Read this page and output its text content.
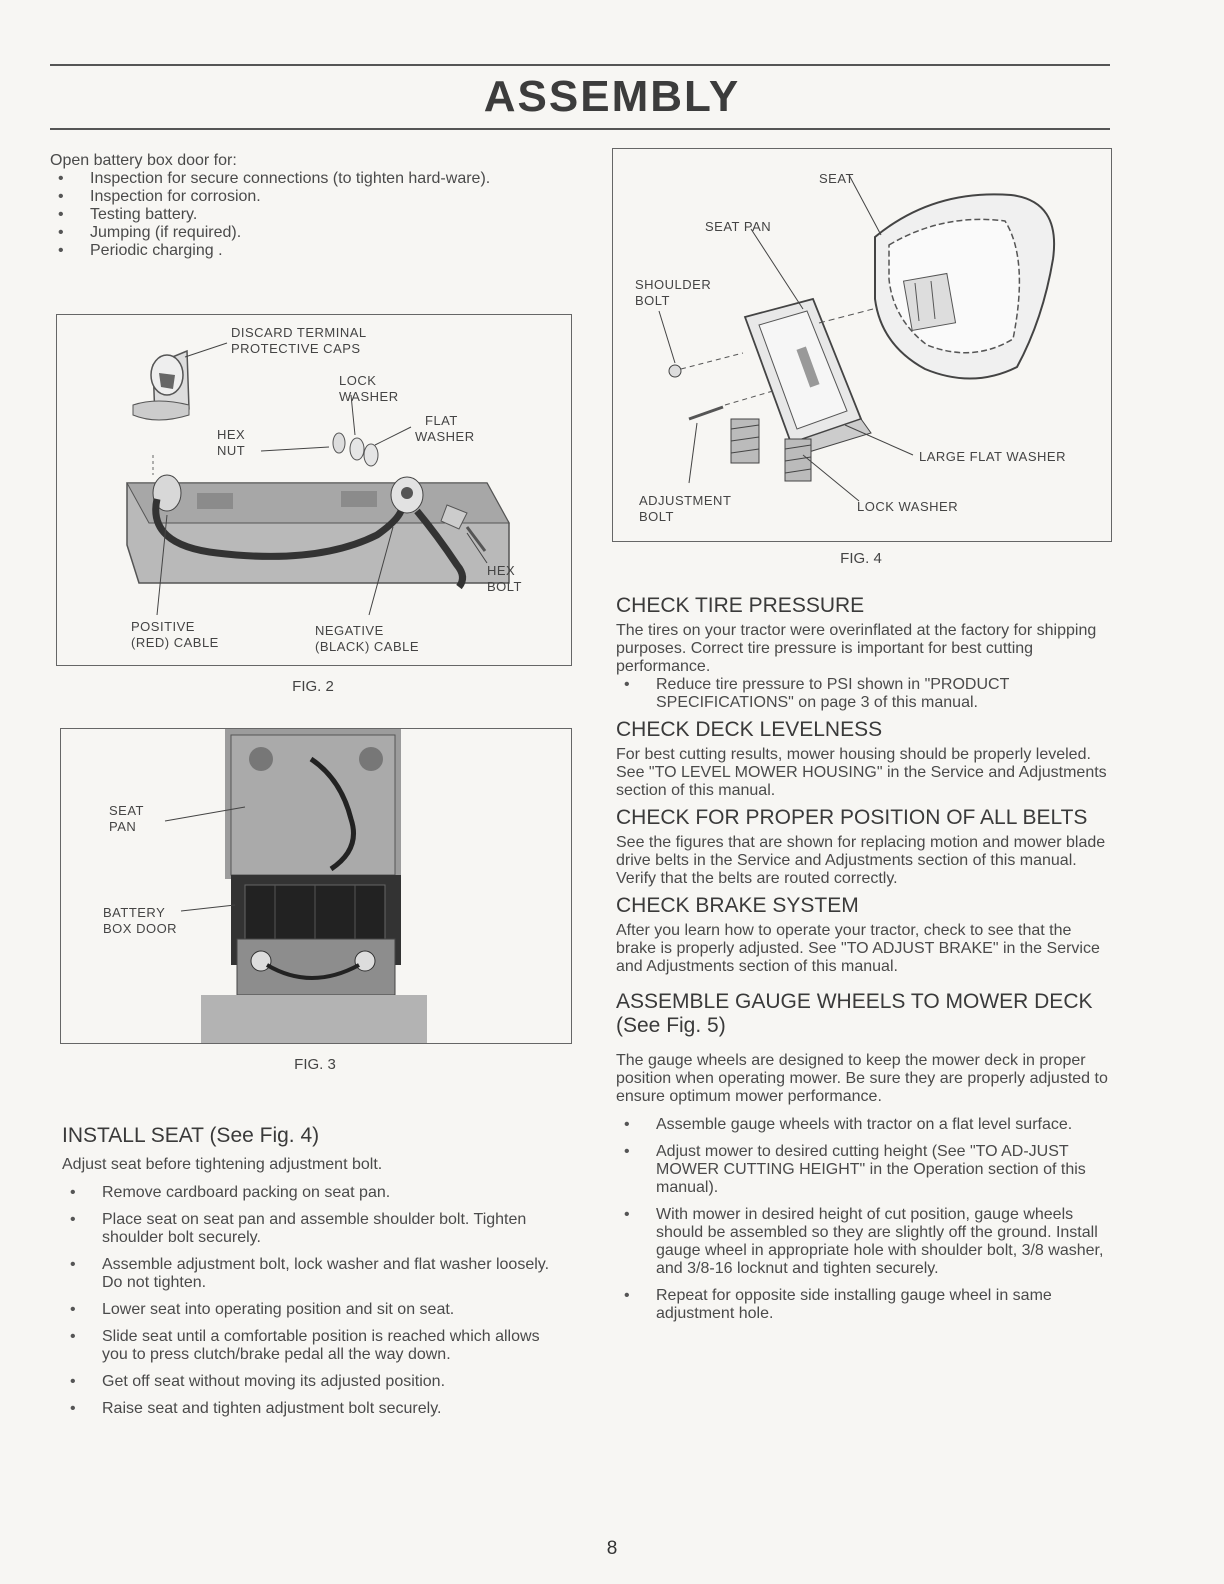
ASSEMBLY
Open battery box door for:
• Inspection for secure connections (to tighten hard-ware).
• Inspection for corrosion.
• Testing battery.
• Jumping (if required).
• Periodic charging .
DISCARD TERMINAL
PROTECTIVE CAPS
LOCK
WASHER
FLAT
WASHER
HEX
NUT
HEX
BOLT
POSITIVE
(RED) CABLE
NEGATIVE
(BLACK) CABLE
FIG. 2
SEAT
PAN
BATTERY
BOX DOOR
FIG. 3
INSTALL SEAT (See Fig. 4)
Adjust seat before tightening adjustment bolt.
• Remove cardboard packing on seat pan.
• Place seat on seat pan and assemble shoulder bolt. Tighten shoulder bolt securely.
• Assemble adjustment bolt, lock washer and flat washer loosely. Do not tighten.
• Lower seat into operating position and sit on seat.
• Slide seat until a comfortable position is reached which allows you to press clutch/brake pedal all the way down.
• Get off seat without moving its adjusted position.
• Raise seat and tighten adjustment bolt securely.
SEAT
SEAT PAN
SHOULDER
BOLT
LARGE FLAT WASHER
ADJUSTMENT
BOLT
LOCK WASHER
FIG. 4
CHECK TIRE PRESSURE
The tires on your tractor were overinflated at the factory for shipping purposes. Correct tire pressure is important for best cutting performance.
• Reduce tire pressure to PSI shown in "PRODUCT SPECIFICATIONS" on page 3 of this manual.
CHECK DECK LEVELNESS
For best cutting results, mower housing should be properly leveled. See "TO LEVEL MOWER HOUSING" in the Service and Adjustments section of this manual.
CHECK FOR PROPER POSITION OF ALL BELTS
See the figures that are shown for replacing motion and mower blade drive belts in the Service and Adjustments section of this manual. Verify that the belts are routed correctly.
CHECK BRAKE SYSTEM
After you learn how to operate your tractor, check to see that the brake is properly adjusted. See "TO ADJUST BRAKE" in the Service and Adjustments section of this manual.
ASSEMBLE GAUGE WHEELS TO MOWER DECK (See Fig. 5)
The gauge wheels are designed to keep the mower deck in proper position when operating mower. Be sure they are properly adjusted to ensure optimum mower performance.
• Assemble gauge wheels with tractor on a flat level surface.
• Adjust mower to desired cutting height (See "TO AD-JUST MOWER CUTTING HEIGHT" in the Operation section of this manual).
• With mower in desired height of cut position, gauge wheels should be assembled so they are slightly off the ground. Install gauge wheel in appropriate hole with shoulder bolt, 3/8 washer, and 3/8-16 locknut and tighten securely.
• Repeat for opposite side installing gauge wheel in same adjustment hole.
8
